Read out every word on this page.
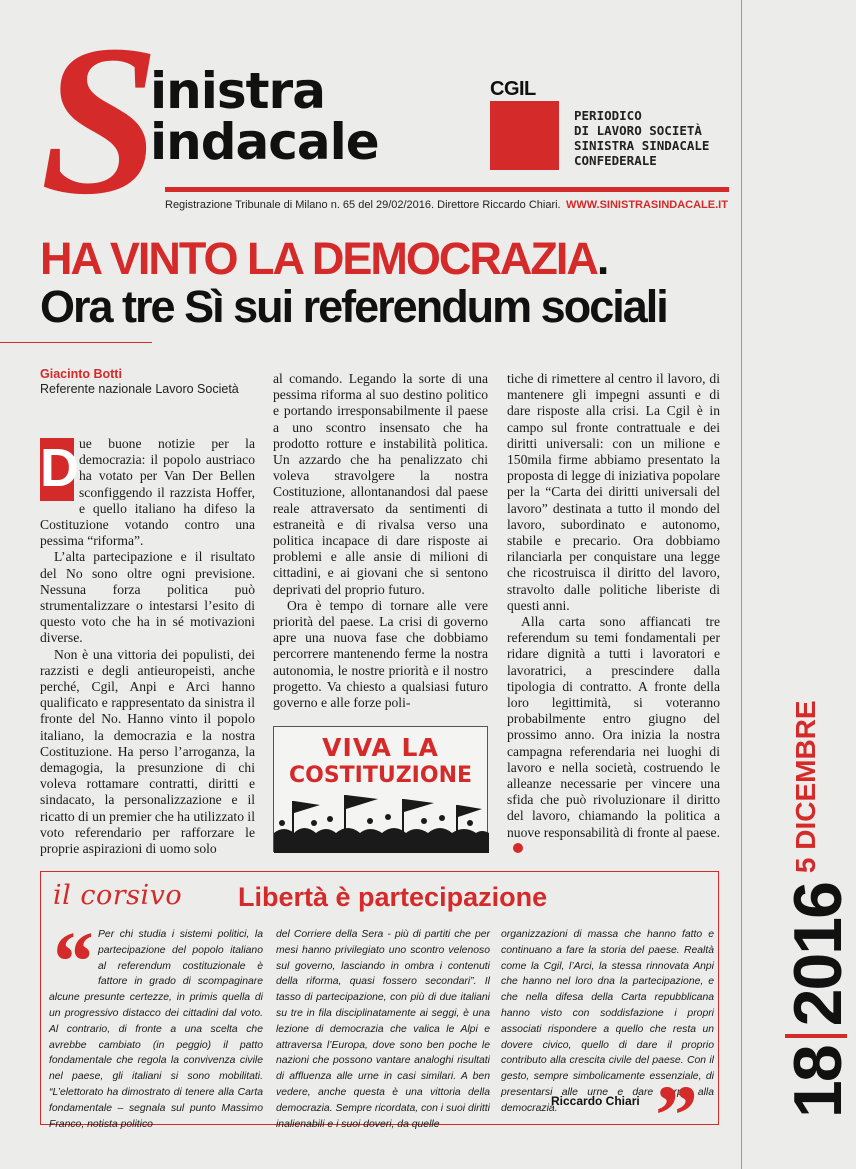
S
inistra
indacale
CGIL
PERIODICO
DI LAVORO SOCIETÀ
SINISTRA SINDACALE
CONFEDERALE
Registrazione Tribunale di Milano n. 65 del 29/02/2016. Direttore Riccardo Chiari. WWW.SINISTRASINDACALE.IT
1820165 DICEMBRE
HA VINTO LA DEMOCRAZIA.
Ora tre Sì sui referendum sociali
Giacinto Botti
Referente nazionale Lavoro Società
D ue buone notizie per la democrazia: il popolo austriaco ha votato per Van Der Bellen sconfiggendo il razzista Hoffer, e quello italiano ha difeso la Costituzione votando contro una pessima “riforma”.

L’alta partecipazione e il risultato del No sono oltre ogni previsione. Nessuna forza politica può strumentalizzare o intestarsi l’esito di questo voto che ha in sé motivazioni diverse.

Non è una vittoria dei populisti, dei razzisti e degli antieuropeisti, anche perché, Cgil, Anpi e Arci hanno qualificato e rappresentato da sinistra il fronte del No. Hanno vinto il popolo italiano, la democrazia e la nostra Costituzione. Ha perso l’arroganza, la demagogia, la presunzione di chi voleva rottamare contratti, diritti e sindacato, la personalizzazione e il ricatto di un premier che ha utilizzato il voto referendario per rafforzare le proprie aspirazioni di uomo solo

al comando. Legando la sorte di una pessima riforma al suo destino politico e portando irresponsabilmente il paese a uno scontro insensato che ha prodotto rotture e instabilità politica. Un azzardo che ha penalizzato chi voleva stravolgere la nostra Costituzione, allontanandosi dal paese reale attraversato da sentimenti di estraneità e di rivalsa verso una politica incapace di dare risposte ai problemi e alle ansie di milioni di cittadini, e ai giovani che si sentono deprivati del proprio futuro.

Ora è tempo di tornare alle vere priorità del paese. La crisi di governo apre una nuova fase che dobbiamo percorrere mantenendo ferme la nostra autonomia, le nostre priorità e il nostro progetto. Va chiesto a qualsiasi futuro governo e alle forze poli-

tiche di rimettere al centro il lavoro, di mantenere gli impegni assunti e di dare risposte alla crisi. La Cgil è in campo sul fronte contrattuale e dei diritti universali: con un milione e 150mila firme abbiamo presentato la proposta di legge di iniziativa popolare per la “Carta dei diritti universali del lavoro” destinata a tutto il mondo del lavoro, subordinato e autonomo, stabile e precario. Ora dobbiamo rilanciarla per conquistare una legge che ricostruisca il diritto del lavoro, stravolto dalle politiche liberiste di questi anni.

Alla carta sono affiancati tre referendum su temi fondamentali per ridare dignità a tutti i lavoratori e lavoratrici, a prescindere dalla tipologia di contratto. A fronte della loro legittimità, si voteranno probabilmente entro giugno del prossimo anno. Ora inizia la nostra campagna referendaria nei luoghi di lavoro e nella società, costruendo le alleanze necessarie per vincere una sfida che può rivoluzionare il diritto del lavoro, chiamando la politica a nuove responsabilità di fronte al paese.

VIVA LA
COSTITUZIONE
il corsivo Libertà è partecipazione
“ Per chi studia i sistemi politici, la partecipazione del popolo italiano al referendum costituzionale è fattore in grado di scompaginare alcune presunte certezze, in primis quella di un progressivo distacco dei cittadini dal voto. Al contrario, di fronte a una scelta che avrebbe cambiato (in peggio) il patto fondamentale che regola la convivenza civile nel paese, gli italiani si sono mobilitati. “L’elettorato ha dimostrato di tenere alla Carta fondamentale – segnala sul punto Massimo Franco, notista politico
del Corriere della Sera - più di partiti che per mesi hanno privilegiato uno scontro velenoso sul governo, lasciando in ombra i contenuti della riforma, quasi fossero secondari”. Il tasso di partecipazione, con più di due italiani su tre in fila disciplinatamente ai seggi, è una lezione di democrazia che valica le Alpi e attraversa l’Europa, dove sono ben poche le nazioni che possono vantare analoghi risultati di affluenza alle urne in casi similari. A ben vedere, anche questa è una vittoria della democrazia. Sempre ricordata, con i suoi diritti inalienabili e i suoi doveri, da quelle
organizzazioni di massa che hanno fatto e continuano a fare la storia del paese. Realtà come la Cgil, l’Arci, la stessa rinnovata Anpi che hanno nel loro dna la partecipazione, e che nella difesa della Carta repubblicana hanno visto con soddisfazione i propri associati rispondere a quello che resta un dovere civico, quello di dare il proprio contributo alla crescita civile del paese. Con il gesto, sempre simbolicamente essenziale, di presentarsi alle urne e dare corpo alla democrazia.
Riccardo Chiari ”
